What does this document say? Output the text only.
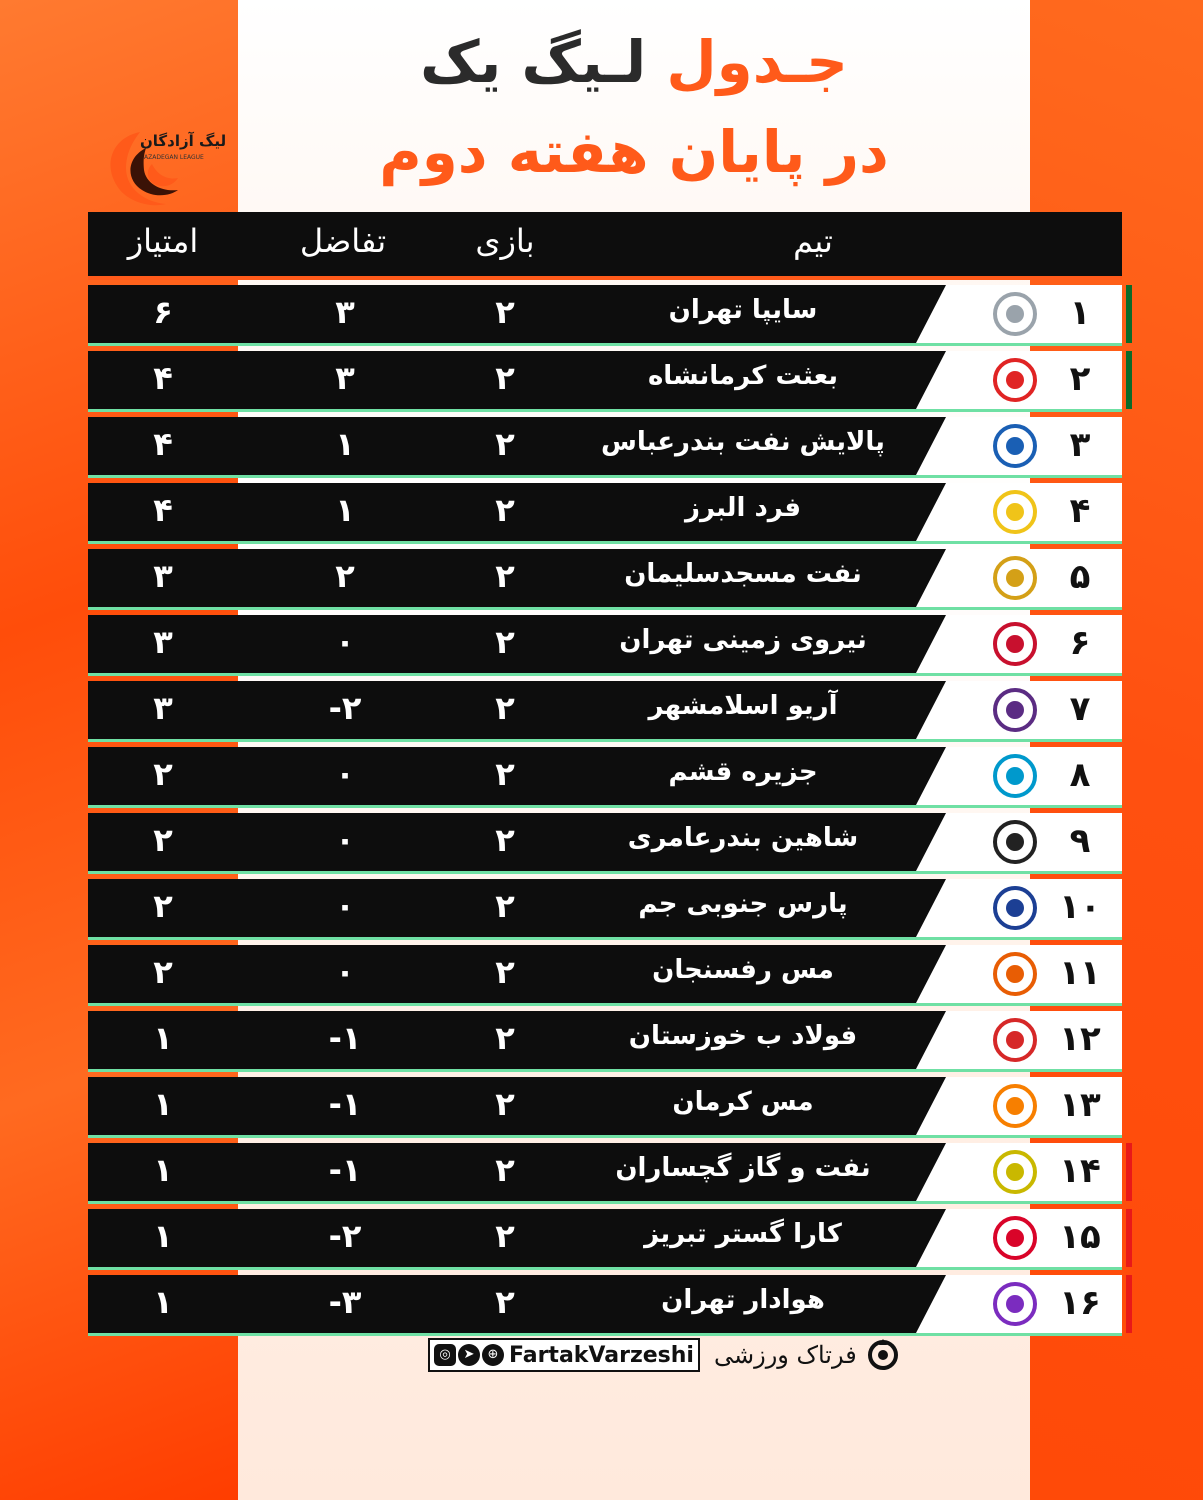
لیگ آزادگان
AZADEGAN LEAGUE
جـدول لـیگ یک
در پایان هفته دوم
تیم
بازی
تفاضل
امتیاز
۱
سایپا تهران
۲
۳
۶
۲
بعثت کرمانشاه
۲
۳
۴
۳
پالایش نفت بندرعباس
۲
۱
۴
۴
فرد البرز
۲
۱
۴
۵
نفت مسجدسلیمان
۲
۲
۳
۶
نیروی زمینی تهران
۲
۰
۳
۷
آریو اسلامشهر
۲
-۲
۳
۸
جزیره قشم
۲
۰
۲
۹
شاهین بندرعامری
۲
۰
۲
۱۰
پارس جنوبی جم
۲
۰
۲
۱۱
مس رفسنجان
۲
۰
۲
۱۲
فولاد ب خوزستان
۲
-۱
۱
۱۳
مس کرمان
۲
-۱
۱
۱۴
نفت و گاز گچساران
۲
-۱
۱
۱۵
کارا گستر تبریز
۲
-۲
۱
۱۶
هوادار تهران
۲
-۳
۱
◎ ➤	⊕ FartakVarzeshi فرتاک ورزشی
